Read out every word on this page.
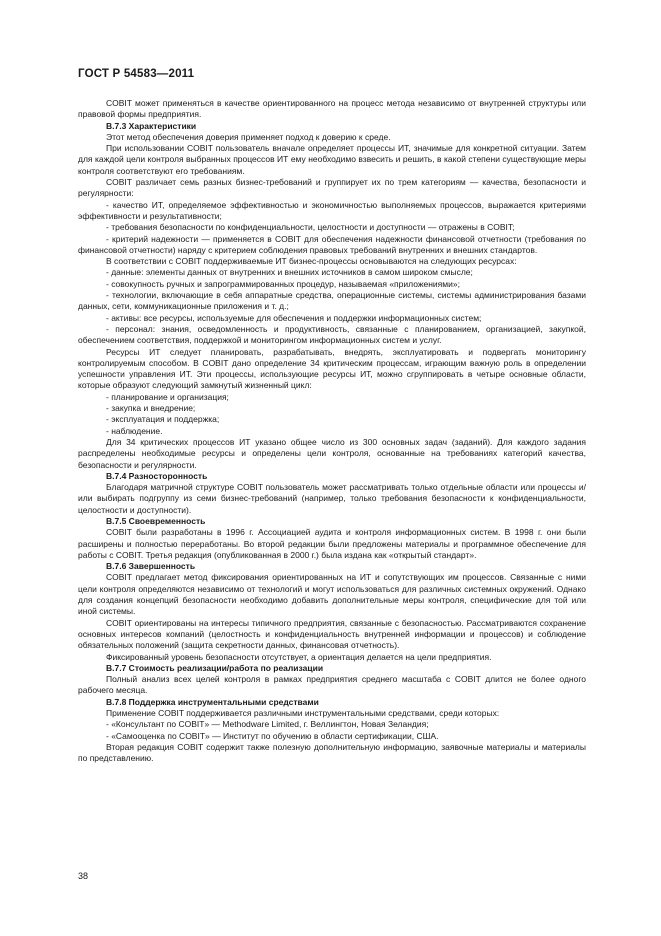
ГОСТ Р 54583—2011

COBIT может применяться в качестве ориентированного на процесс метода независимо от внутренней структуры или правовой формы предприятия.

В.7.3 Характеристики

Этот метод обеспечения доверия применяет подход к доверию к среде.

При использовании COBIT пользователь вначале определяет процессы ИТ, значимые для конкретной ситуации. Затем для каждой цели контроля выбранных процессов ИТ ему необходимо взвесить и решить, в какой степени существующие меры контроля соответствуют его требованиям.

COBIT различает семь разных бизнес-требований и группирует их по трем категориям — качества, безопасности и регулярности:

- качество ИТ, определяемое эффективностью и экономичностью выполняемых процессов, выражается критериями эффективности и результативности;

- требования безопасности по конфиденциальности, целостности и доступности — отражены в COBIT;

- критерий надежности — применяется в COBIT для обеспечения надежности финансовой отчетности (требования по финансовой отчетности) наряду с критерием соблюдения правовых требований внутренних и внешних стандартов.

В соответствии с COBIT поддерживаемые ИТ бизнес-процессы основываются на следующих ресурсах:

- данные: элементы данных от внутренних и внешних источников в самом широком смысле;

- совокупность ручных и запрограммированных процедур, называемая «приложениями»;

- технологии, включающие в себя аппаратные средства, операционные системы, системы администрирования базами данных, сети, коммуникационные приложения и т. д.;

- активы: все ресурсы, используемые для обеспечения и поддержки информационных систем;

- персонал: знания, осведомленность и продуктивность, связанные с планированием, организацией, закупкой, обеспечением соответствия, поддержкой и мониторингом информационных систем и услуг.

Ресурсы ИТ следует планировать, разрабатывать, внедрять, эксплуатировать и подвергать мониторингу контролируемым способом. В COBIT дано определение 34 критическим процессам, играющим важную роль в определении успешности управления ИТ. Эти процессы, использующие ресурсы ИТ, можно сгруппировать в четыре основные области, которые образуют следующий замкнутый жизненный цикл:

- планирование и организация;

- закупка и внедрение;

- эксплуатация и поддержка;

- наблюдение.

Для 34 критических процессов ИТ указано общее число из 300 основных задач (заданий). Для каждого задания распределены необходимые ресурсы и определены цели контроля, основанные на требованиях категорий качества, безопасности и регулярности.

В.7.4 Разносторонность

Благодаря матричной структуре COBIT пользователь может рассматривать только отдельные области или процессы и/или выбирать подгруппу из семи бизнес-требований (например, только требования безопасности к конфиденциальности, целостности и доступности).

В.7.5 Своевременность

COBIT были разработаны в 1996 г. Ассоциацией аудита и контроля информационных систем. В 1998 г. они были расширены и полностью переработаны. Во второй редакции были предложены материалы и программное обеспечение для работы с COBIT. Третья редакция (опубликованная в 2000 г.) была издана как «открытый стандарт».

В.7.6 Завершенность

COBIT предлагает метод фиксирования ориентированных на ИТ и сопутствующих им процессов. Связанные с ними цели контроля определяются независимо от технологий и могут использоваться для различных системных окружений. Однако для создания концепций безопасности необходимо добавить дополнительные меры контроля, специфические для той или иной системы.

COBIT ориентированы на интересы типичного предприятия, связанные с безопасностью. Рассматриваются сохранение основных интересов компаний (целостность и конфиденциальность внутренней информации и процессов) и соблюдение обязательных положений (защита секретности данных, финансовая отчетность).

Фиксированный уровень безопасности отсутствует, а ориентация делается на цели предприятия.

В.7.7 Стоимость реализации/работа по реализации

Полный анализ всех целей контроля в рамках предприятия среднего масштаба с COBIT длится не более одного рабочего месяца.

В.7.8 Поддержка инструментальными средствами

Применение COBIT поддерживается различными инструментальными средствами, среди которых:

- «Консультант по COBIT» — Methodware Limited, г. Веллингтон, Новая Зеландия;

- «Самооценка по COBIT» — Институт по обучению в области сертификации, США.

Вторая редакция COBIT содержит также полезную дополнительную информацию, заявочные материалы и материалы по представлению.

38
